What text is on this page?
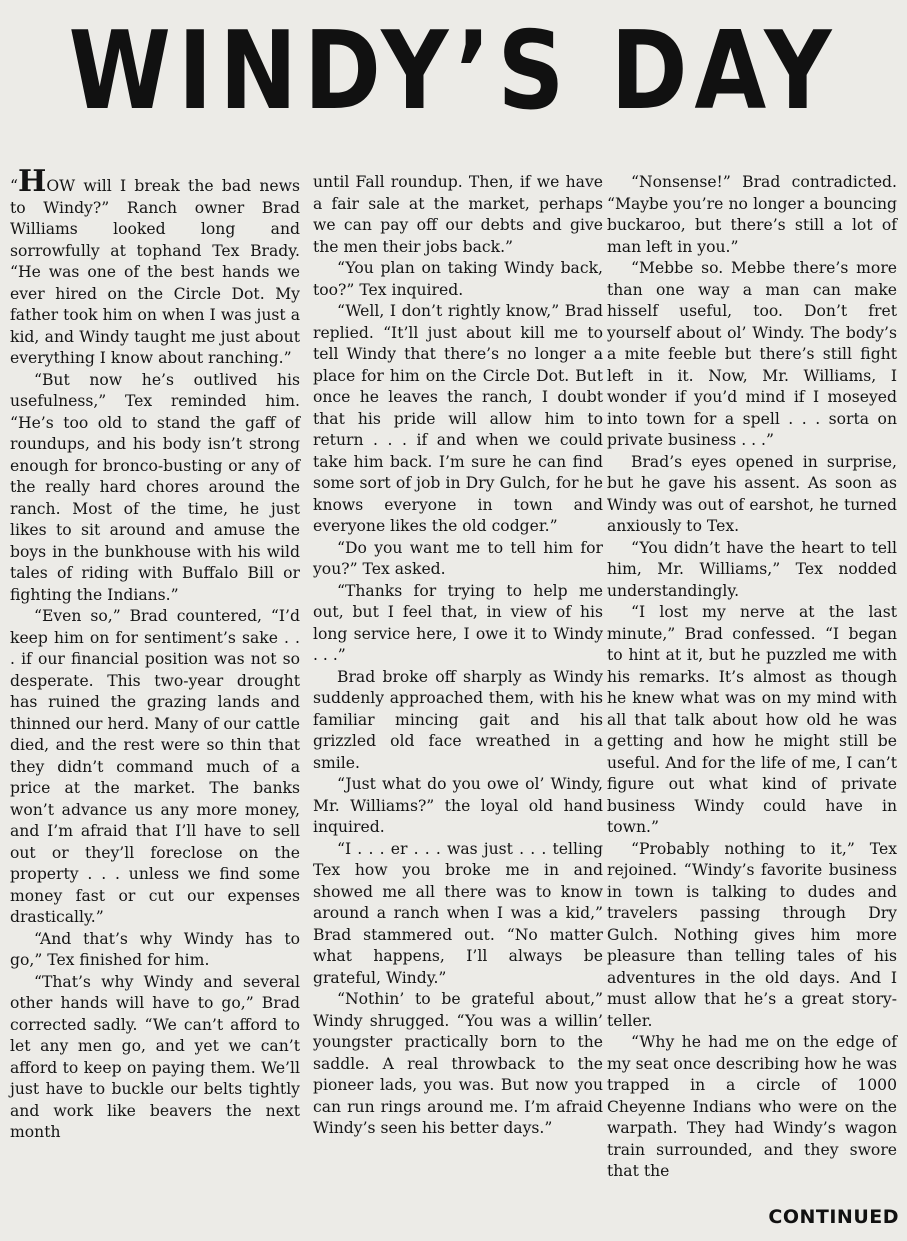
WINDY’S DAY

“HOW will I break the bad news to Windy?” Ranch owner Brad Williams looked long and sorrowfully at tophand Tex Brady. “He was one of the best hands we ever hired on the Circle Dot. My father took him on when I was just a kid, and Windy taught me just about everything I know about ranching.”

“But now he’s outlived his usefulness,” Tex reminded him. “He’s too old to stand the gaff of roundups, and his body isn’t strong enough for bronco-busting or any of the really hard chores around the ranch. Most of the time, he just likes to sit around and amuse the boys in the bunkhouse with his wild tales of riding with Buffalo Bill or fighting the Indians.”

“Even so,” Brad countered, “I’d keep him on for sentiment’s sake . . . if our financial position was not so desperate. This two-year drought has ruined the grazing lands and thinned our herd. Many of our cattle died, and the rest were so thin that they didn’t command much of a price at the market. The banks won’t advance us any more money, and I’m afraid that I’ll have to sell out or they’ll foreclose on the property . . . unless we find some money fast or cut our expenses drastically.”

“And that’s why Windy has to go,” Tex finished for him.

“That’s why Windy and several other hands will have to go,” Brad corrected sadly. “We can’t afford to let any men go, and yet we can’t afford to keep on paying them. We’ll just have to buckle our belts tightly and work like beavers the next month

until Fall roundup. Then, if we have a fair sale at the market, perhaps we can pay off our debts and give the men their jobs back.”

“You plan on taking Windy back, too?” Tex inquired.

“Well, I don’t rightly know,” Brad replied. “It’ll just about kill me to tell Windy that there’s no longer a place for him on the Circle Dot. But once he leaves the ranch, I doubt that his pride will allow him to return . . . if and when we could take him back. I’m sure he can find some sort of job in Dry Gulch, for he knows everyone in town and everyone likes the old codger.”

“Do you want me to tell him for you?” Tex asked.

“Thanks for trying to help me out, but I feel that, in view of his long service here, I owe it to Windy . . .”

Brad broke off sharply as Windy suddenly approached them, with his familiar mincing gait and his grizzled old face wreathed in a smile.

“Just what do you owe ol’ Windy, Mr. Williams?” the loyal old hand inquired.

“I . . . er . . . was just . . . telling Tex how you broke me in and showed me all there was to know around a ranch when I was a kid,” Brad stammered out. “No matter what happens, I’ll always be grateful, Windy.”

“Nothin’ to be grateful about,” Windy shrugged. “You was a willin’ youngster practically born to the saddle. A real throwback to the pioneer lads, you was. But now you can run rings around me. I’m afraid Windy’s seen his better days.”

“Nonsense!” Brad contradicted. “Maybe you’re no longer a bouncing buckaroo, but there’s still a lot of man left in you.”

“Mebbe so. Mebbe there’s more than one way a man can make hisself useful, too. Don’t fret yourself about ol’ Windy. The body’s a mite feeble but there’s still fight left in it. Now, Mr. Williams, I wonder if you’d mind if I moseyed into town for a spell . . . sorta on private business . . .”

Brad’s eyes opened in surprise, but he gave his assent. As soon as Windy was out of earshot, he turned anxiously to Tex.

“You didn’t have the heart to tell him, Mr. Williams,” Tex nodded understandingly.

“I lost my nerve at the last minute,” Brad confessed. “I began to hint at it, but he puzzled me with his remarks. It’s almost as though he knew what was on my mind with all that talk about how old he was getting and how he might still be useful. And for the life of me, I can’t figure out what kind of private business Windy could have in town.”

“Probably nothing to it,” Tex rejoined. “Windy’s favorite business in town is talking to dudes and travelers passing through Dry Gulch. Nothing gives him more pleasure than telling tales of his adventures in the old days. And I must allow that he’s a great story-teller.

“Why he had me on the edge of my seat once describing how he was trapped in a circle of 1000 Cheyenne Indians who were on the warpath. They had Windy’s wagon train surrounded, and they swore that the

CONTINUED
